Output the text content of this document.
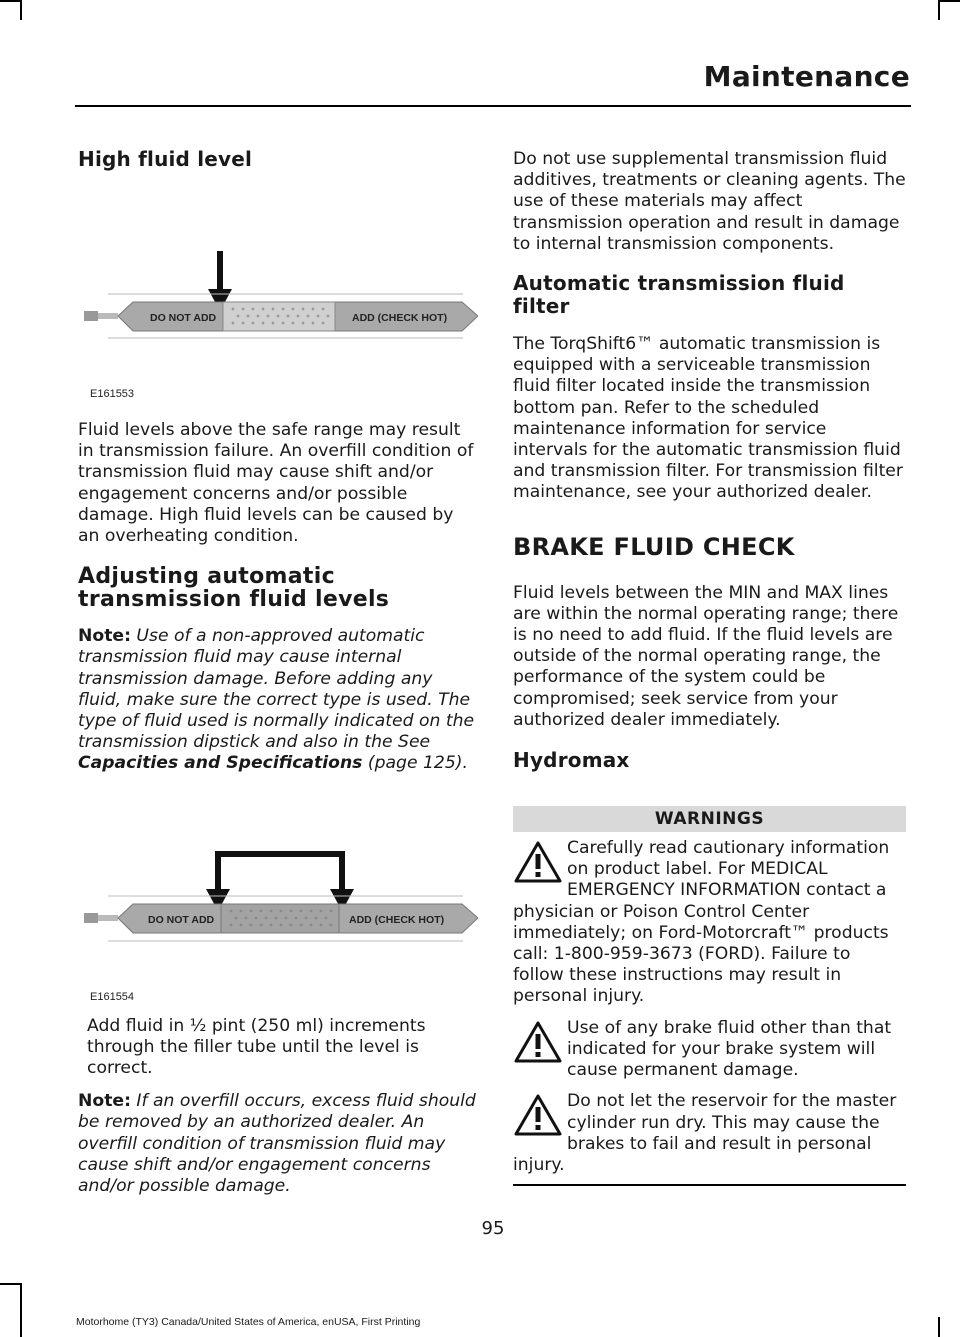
Maintenance
High fluid level
DO NOT ADD	ADD (CHECK HOT)
E161553

Fluid levels above the safe range may result in transmission failure. An overfill condition of transmission fluid may cause shift and/or engagement concerns and/or possible damage. High fluid levels can be caused by an overheating condition.

Adjusting automatic transmission fluid levels

Note: Use of a non-approved automatic transmission fluid may cause internal transmission damage. Before adding any fluid, make sure the correct type is used. The type of fluid used is normally indicated on the transmission dipstick and also in the See Capacities and Specifications (page 125).

DO NOT ADD	ADD (CHECK HOT)
E161554

Add fluid in ½ pint (250 ml) increments through the filler tube until the level is correct.

Note: If an overfill occurs, excess fluid should be removed by an authorized dealer. An overfill condition of transmission fluid may cause shift and/or engagement concerns and/or possible damage.

Do not use supplemental transmission fluid additives, treatments or cleaning agents. The use of these materials may affect transmission operation and result in damage to internal transmission components.

Automatic transmission fluid filter

The TorqShift6™ automatic transmission is equipped with a serviceable transmission fluid filter located inside the transmission bottom pan. Refer to the scheduled maintenance information for service intervals for the automatic transmission fluid and transmission filter. For transmission filter maintenance, see your authorized dealer.

BRAKE FLUID CHECK

Fluid levels between the MIN and MAX lines are within the normal operating range; there is no need to add fluid. If the fluid levels are outside of the normal operating range, the performance of the system could be compromised; seek service from your authorized dealer immediately.

Hydromax
WARNINGS

Carefully read cautionary information on product label. For MEDICAL EMERGENCY INFORMATION contact a physician or Poison Control Center immediately; on Ford-Motorcraft™ products call: 1-800-959-3673 (FORD). Failure to follow these instructions may result in personal injury.

Use of any brake fluid other than that indicated for your brake system will cause permanent damage.

Do not let the reservoir for the master cylinder run dry. This may cause the brakes to fail and result in personal injury.

95
Motorhome (TY3) Canada/United States of America, enUSA, First Printing
